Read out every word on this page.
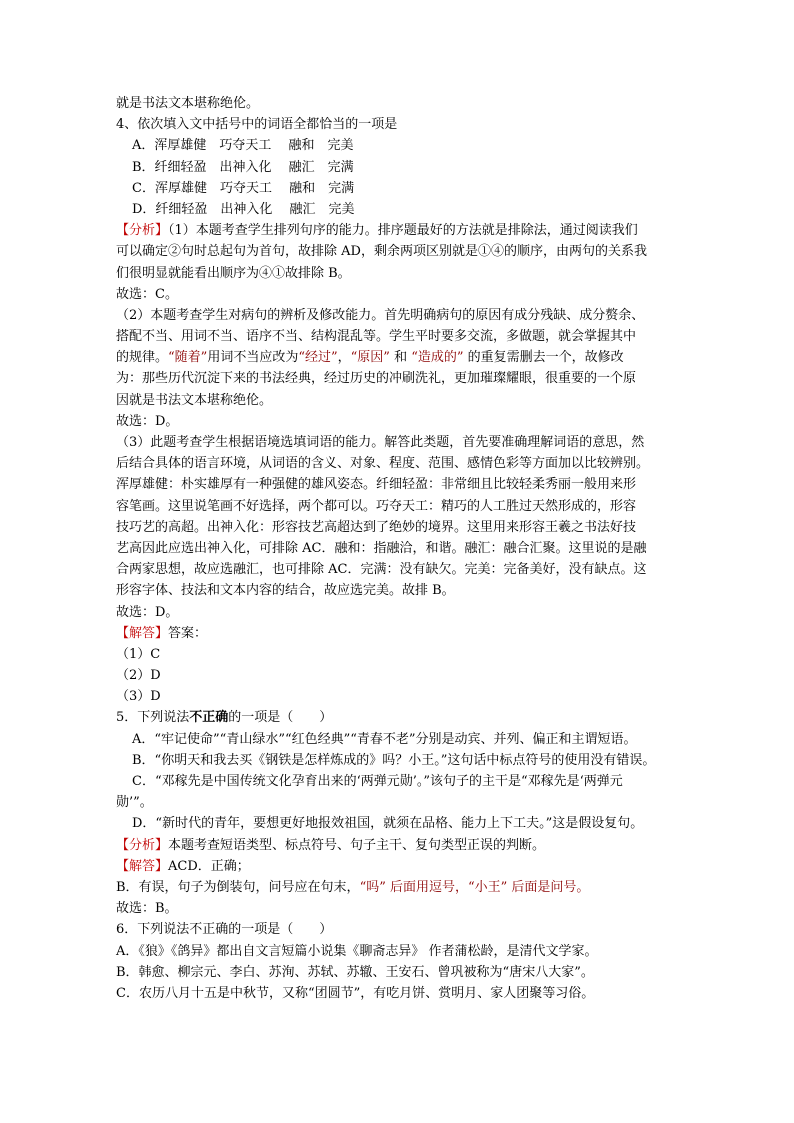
就是书法文本堪称绝伦。
4、依次填入文中括号中的词语全都恰当的一项是
A．浑厚雄健　巧夺天工　 融和　完美
B．纤细轻盈　出神入化　 融汇　完满
C．浑厚雄健　巧夺天工　 融和　完满
D．纤细轻盈　出神入化　 融汇　完美
【分析】（1）本题考查学生排列句序的能力。排序题最好的方法就是排除法，通过阅读我们
可以确定②句时总起句为首句，故排除 AD，剩余两项区别就是①④的顺序，由两句的关系我
们很明显就能看出顺序为④①故排除 B。
故选：C。
（2）本题考查学生对病句的辨析及修改能力。首先明确病句的原因有成分残缺、成分赘余、
搭配不当、用词不当、语序不当、结构混乱等。学生平时要多交流，多做题，就会掌握其中
的规律。“随着”用词不当应改为“经过”，“原因” 和 “造成的” 的重复需删去一个，故修改
为：那些历代沉淀下来的书法经典，经过历史的冲刷洗礼，更加璀璨耀眼，很重要的一个原
因就是书法文本堪称绝伦。
故选：D。
（3）此题考查学生根据语境选填词语的能力。解答此类题，首先要准确理解词语的意思，然
后结合具体的语言环境，从词语的含义、对象、程度、范围、感情色彩等方面加以比较辨别。
浑厚雄健：朴实雄厚有一种强健的雄风姿态。纤细轻盈：非常细且比较轻柔秀丽一般用来形
容笔画。这里说笔画不好选择，两个都可以。巧夺天工：精巧的人工胜过天然形成的，形容
技巧艺的高超。出神入化：形容技艺高超达到了绝妙的境界。这里用来形容王羲之书法好技
艺高因此应选出神入化，可排除 AC．融和：指融洽，和谐。融汇：融合汇聚。这里说的是融
合两家思想，故应选融汇，也可排除 AC．完满：没有缺欠。完美：完备美好，没有缺点。这
形容字体、技法和文本内容的结合，故应选完美。故排 B。
故选：D。
【解答】答案：
（1）C
（2）D
（3）D
5．下列说法不正确的一项是（　　）
A．“牢记使命”“青山绿水”“红色经典”“青春不老”分别是动宾、并列、偏正和主谓短语。
B．“你明天和我去买《钢铁是怎样炼成的》吗？小王。”这句话中标点符号的使用没有错误。
C．“邓稼先是中国传统文化孕育出来的‘两弹元勋’。”该句子的主干是“邓稼先是‘两弹元
勋’”。
D．“新时代的青年，要想更好地报效祖国，就须在品格、能力上下工夫。”这是假设复句。
【分析】本题考查短语类型、标点符号、句子主干、复句类型正误的判断。
【解答】ACD．正确；
B．有误，句子为倒装句，问号应在句末，“吗” 后面用逗号，“小王” 后面是问号。
故选：B。
6．下列说法不正确的一项是（　　）
A．《狼》《鸽异》都出自文言短篇小说集《聊斋志异》 作者蒲松龄，是清代文学家。
B．韩愈、柳宗元、李白、苏洵、苏轼、苏辙、王安石、曾巩被称为“唐宋八大家”。
C．农历八月十五是中秋节，又称“团圆节”，有吃月饼、赏明月、家人团聚等习俗。
